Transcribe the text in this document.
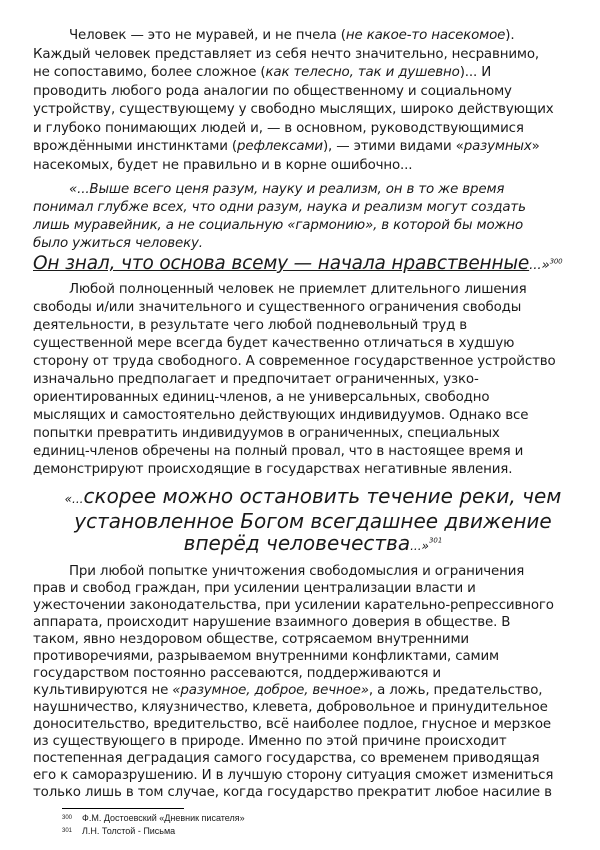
Человек — это не муравей, и не пчела (не какое-то насекомое).
Каждый человек представляет из себя нечто значительно, несравнимо,
не сопоставимо, более сложное (как телесно, так и душевно)... И
проводить любого рода аналогии по общественному и социальному
устройству, существующему у свободно мыслящих, широко действующих
и глубоко понимающих людей и, — в основном, руководствующимися
врождёнными инстинктами (рефлексами), — этими видами «разумных»
насекомых, будет не правильно и в корне ошибочно...
«...Выше всего ценя разум, науку и реализм, он в то же время
понимал глубже всех, что одни разум, наука и реализм могут создать
лишь муравейник, а не социальную «гармонию», в которой бы можно
было ужиться человеку.
Он знал, что основа всему — начала нравственные...»$^{300}$
Любой полноценный человек не приемлет длительного лишения
свободы и/или значительного и существенного ограничения свободы
деятельности, в результате чего любой подневольный труд в
существенной мере всегда будет качественно отличаться в худшую
сторону от труда свободного. А современное государственное устройство
изначально предполагает и предпочитает ограниченных, узко-
ориентированных единиц-членов, а не универсальных, свободно
мыслящих и самостоятельно действующих индивидуумов. Однако все
попытки превратить индивидуумов в ограниченных, специальных
единиц-членов обречены на полный провал, что в настоящее время и
демонстрируют происходящие в государствах негативные явления.
«...скорее можно остановить течение реки, чем
установленное Богом всегдашнее движение
вперёд человечества...»$^{301}$
При любой попытке уничтожения свободомыслия и ограничения
прав и свобод граждан, при усилении централизации власти и
ужесточении законодательства, при усилении карательно-репрессивного
аппарата, происходит нарушение взаимного доверия в обществе. В
таком, явно нездоровом обществе, сотрясаемом внутренними
противоречиями, разрываемом внутренними конфликтами, самим
государством постоянно рассеваются, поддерживаются и
культивируются не «разумное, доброе, вечное», а ложь, предательство,
наушничество, кляузничество, клевета, добровольное и принудительное
доносительство, вредительство, всё наиболее подлое, гнусное и мерзкое
из существующего в природе. Именно по этой причине происходит
постепенная деградация самого государства, со временем приводящая
его к саморазрушению. И в лучшую сторону ситуация сможет измениться
только лишь в том случае, когда государство прекратит любое насилие в
300 Ф.М. Достоевский «Дневник писателя»
301 Л.Н. Толстой - Письма
